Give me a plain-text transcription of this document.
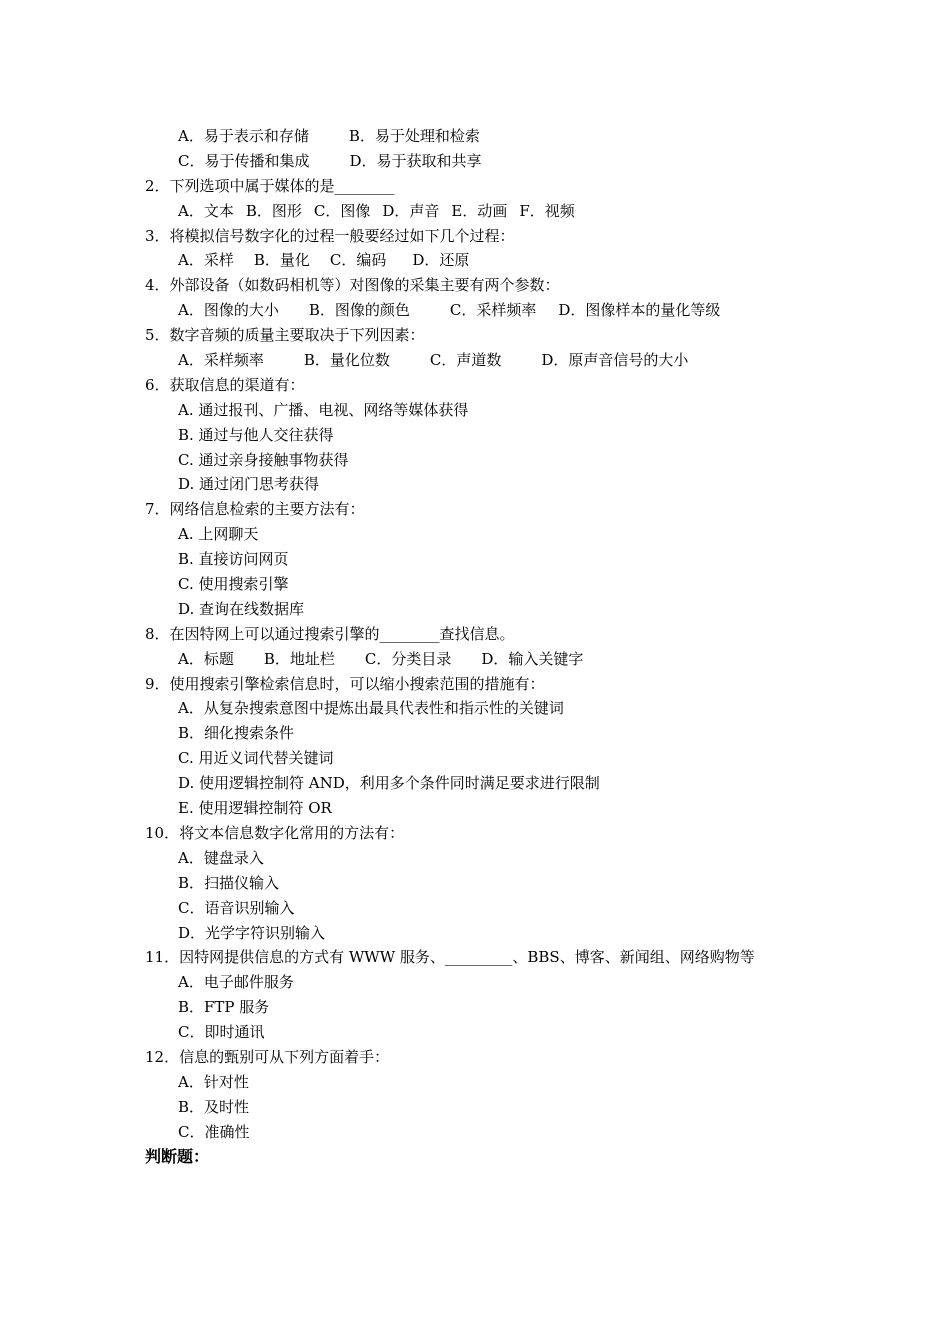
A．易于表示和存储	B．易于处理和检索
C．易于传播和集成	D．易于获取和共享
2．下列选项中属于媒体的是________
A．文本 B．图形 C．图像 D．声音 E．动画 F．视频
3．将模拟信号数字化的过程一般要经过如下几个过程：
A．采样 B．量化 C．编码 D．还原
4．外部设备（如数码相机等）对图像的采集主要有两个参数：
A．图像的大小 B．图像的颜色	C．采样频率 D．图像样本的量化等级
5．数字音频的质量主要取决于下列因素：
A．采样频率	B．量化位数	C．声道数	D．原声音信号的大小
6．获取信息的渠道有：
A. 通过报刊、广播、电视、网络等媒体获得
B. 通过与他人交往获得
C. 通过亲身接触事物获得
D. 通过闭门思考获得
7．网络信息检索的主要方法有：
A. 上网聊天
B. 直接访问网页
C. 使用搜索引擎
D. 查询在线数据库
8．在因特网上可以通过搜索引擎的________查找信息。
A．标题 B．地址栏 C．分类目录 D．输入关键字
9．使用搜索引擎检索信息时，可以缩小搜索范围的措施有：
A．从复杂搜索意图中提炼出最具代表性和指示性的关键词
B．细化搜索条件
C. 用近义词代替关键词
D. 使用逻辑控制符 AND，利用多个条件同时满足要求进行限制
E. 使用逻辑控制符 OR
10．将文本信息数字化常用的方法有：
A．键盘录入
B．扫描仪输入
C．语音识别输入
D．光学字符识别输入
11．因特网提供信息的方式有 WWW 服务、_________、BBS、博客、新闻组、网络购物等
A．电子邮件服务
B．FTP 服务
C．即时通讯
12．信息的甄别可从下列方面着手：
A．针对性
B．及时性
C．准确性
判断题：
